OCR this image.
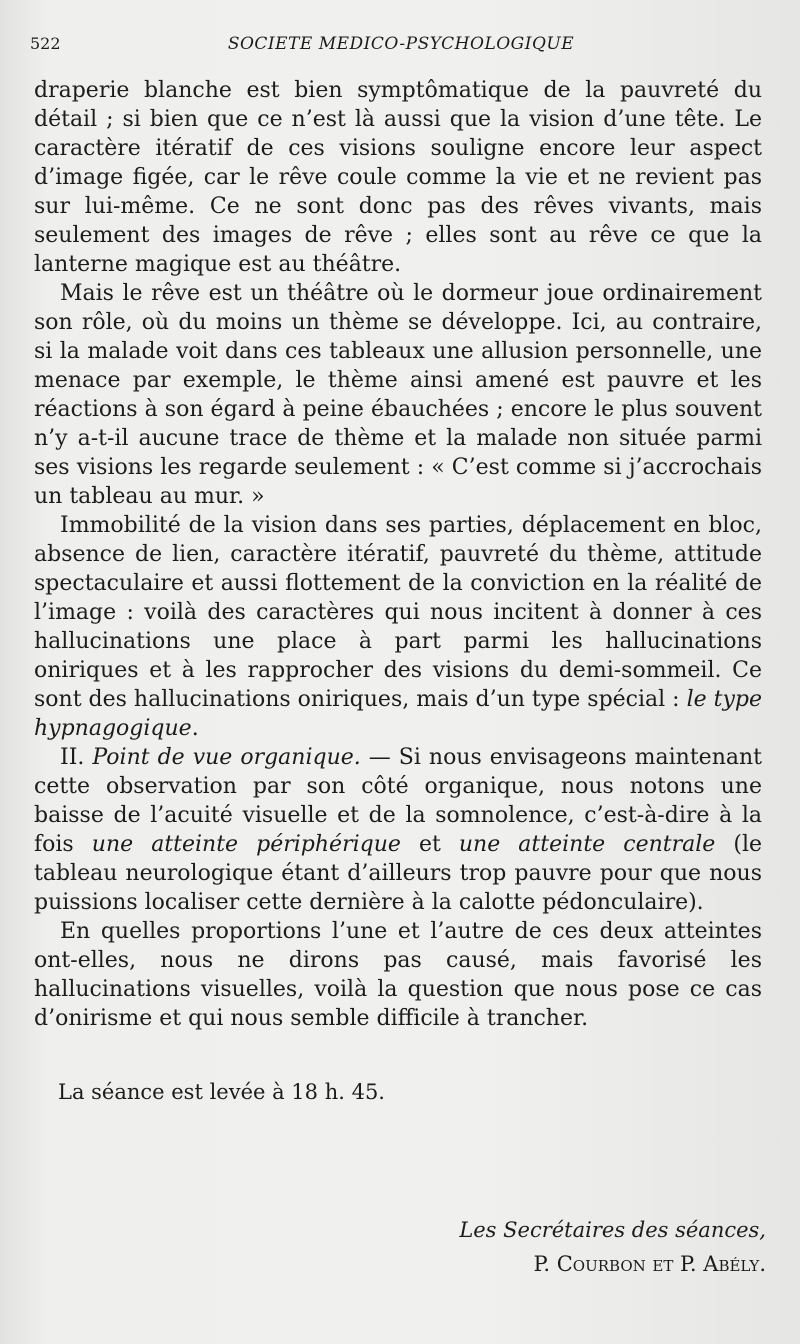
522	SOCIETE MEDICO-PSYCHOLOGIQUE

draperie blanche est bien symptômatique de la pauvreté du détail ; si bien que ce n’est là aussi que la vision d’une tête. Le caractère itératif de ces visions souligne encore leur aspect d’image figée, car le rêve coule comme la vie et ne revient pas sur lui-même. Ce ne sont donc pas des rêves vivants, mais seulement des images de rêve ; elles sont au rêve ce que la lanterne magique est au théâtre.

Mais le rêve est un théâtre où le dormeur joue ordinairement son rôle, où du moins un thème se développe. Ici, au contraire, si la malade voit dans ces tableaux une allusion personnelle, une menace par exemple, le thème ainsi amené est pauvre et les réactions à son égard à peine ébauchées ; encore le plus souvent n’y a-t-il aucune trace de thème et la malade non située parmi ses visions les regarde seulement : « C’est comme si j’accrochais un tableau au mur. »

Immobilité de la vision dans ses parties, déplacement en bloc, absence de lien, caractère itératif, pauvreté du thème, attitude spectaculaire et aussi flottement de la conviction en la réalité de l’image : voilà des caractères qui nous incitent à donner à ces hallucinations une place à part parmi les hallucinations oniriques et à les rapprocher des visions du demi-sommeil. Ce sont des hallucinations oniriques, mais d’un type spécial : le type hypnagogique.

II. Point de vue organique. — Si nous envisageons maintenant cette observation par son côté organique, nous notons une baisse de l’acuité visuelle et de la somnolence, c’est-à-dire à la fois une atteinte périphérique et une atteinte centrale (le tableau neurologique étant d’ailleurs trop pauvre pour que nous puissions localiser cette dernière à la calotte pédonculaire).

En quelles proportions l’une et l’autre de ces deux atteintes ont-elles, nous ne dirons pas causé, mais favorisé les hallucinations visuelles, voilà la question que nous pose ce cas d’onirisme et qui nous semble difficile à trancher.

La séance est levée à 18 h. 45.
Les Secrétaires des séances,
P. Courbon et P. Abély.
